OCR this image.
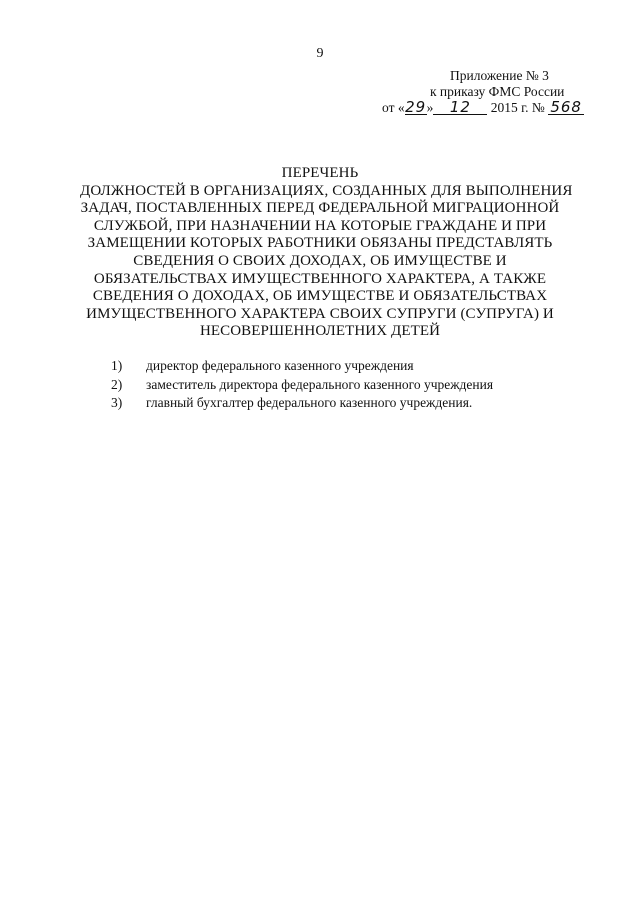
9
Приложение № 3
к приказу ФМС России
от «29» 12 2015 г. № 568
ПЕРЕЧЕНЬ
ДОЛЖНОСТЕЙ В ОРГАНИЗАЦИЯХ, СОЗДАННЫХ ДЛЯ ВЫПОЛНЕНИЯ
ЗАДАЧ, ПОСТАВЛЕННЫХ ПЕРЕД ФЕДЕРАЛЬНОЙ МИГРАЦИОННОЙ
СЛУЖБОЙ, ПРИ НАЗНАЧЕНИИ НА КОТОРЫЕ ГРАЖДАНЕ И ПРИ
ЗАМЕЩЕНИИ КОТОРЫХ РАБОТНИКИ ОБЯЗАНЫ ПРЕДСТАВЛЯТЬ
СВЕДЕНИЯ О СВОИХ ДОХОДАХ, ОБ ИМУЩЕСТВЕ И
ОБЯЗАТЕЛЬСТВАХ ИМУЩЕСТВЕННОГО ХАРАКТЕРА, А ТАКЖЕ
СВЕДЕНИЯ О ДОХОДАХ, ОБ ИМУЩЕСТВЕ И ОБЯЗАТЕЛЬСТВАХ
ИМУЩЕСТВЕННОГО ХАРАКТЕРА СВОИХ СУПРУГИ (СУПРУГА) И
НЕСОВЕРШЕННОЛЕТНИХ ДЕТЕЙ
1)	директор федерального казенного учреждения
2)	заместитель директора федерального казенного учреждения
3)	главный бухгалтер федерального казенного учреждения.
